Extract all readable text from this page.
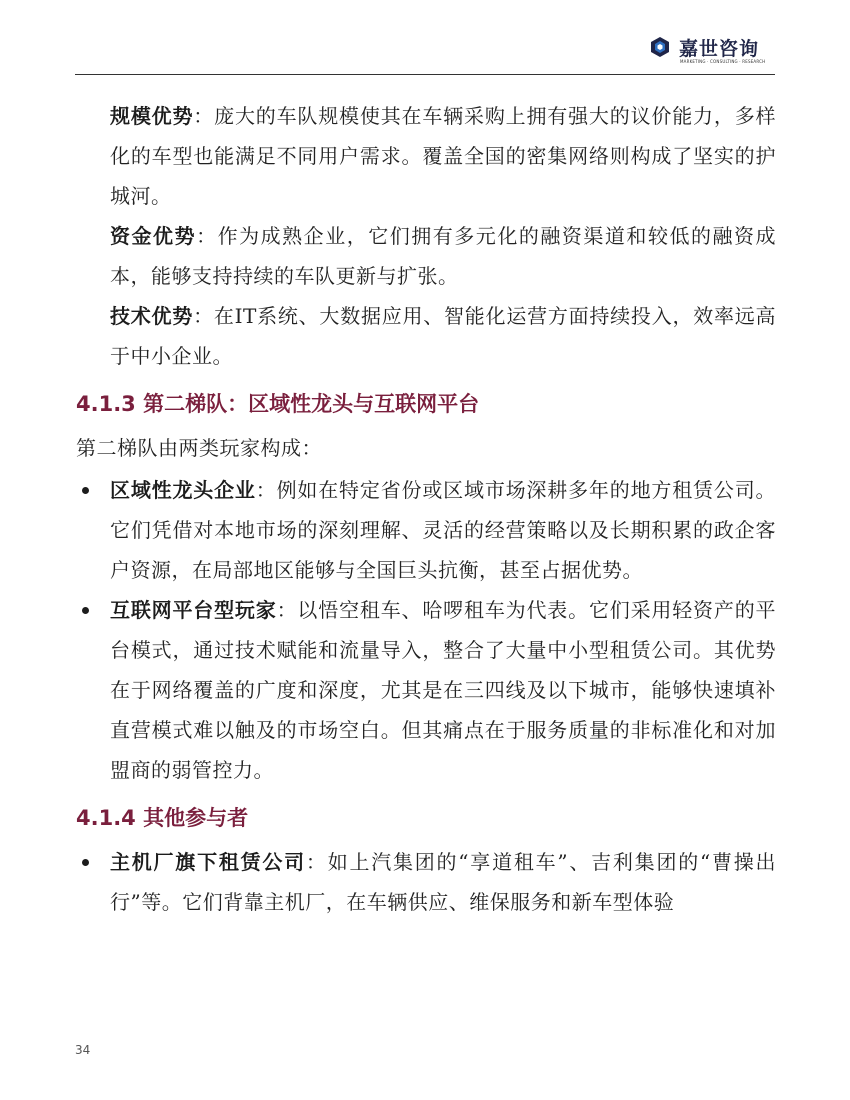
嘉世咨询
MARKETING · CONSULTING · RESEARCH

规模优势：庞大的车队规模使其在车辆采购上拥有强大的议价能力，多样化的车型也能满足不同用户需求。覆盖全国的密集网络则构成了坚实的护城河。

资金优势：作为成熟企业，它们拥有多元化的融资渠道和较低的融资成本，能够支持持续的车队更新与扩张。

技术优势：在IT系统、大数据应用、智能化运营方面持续投入，效率远高于中小企业。

4.1.3 第二梯队：区域性龙头与互联网平台

第二梯队由两类玩家构成：

区域性龙头企业：例如在特定省份或区域市场深耕多年的地方租赁公司。它们凭借对本地市场的深刻理解、灵活的经营策略以及长期积累的政企客户资源，在局部地区能够与全国巨头抗衡，甚至占据优势。
互联网平台型玩家：以悟空租车、哈啰租车为代表。它们采用轻资产的平台模式，通过技术赋能和流量导入，整合了大量中小型租赁公司。其优势在于网络覆盖的广度和深度，尤其是在三四线及以下城市，能够快速填补直营模式难以触及的市场空白。但其痛点在于服务质量的非标准化和对加盟商的弱管控力。
4.1.4 其他参与者
主机厂旗下租赁公司：如上汽集团的“享道租车”、吉利集团的“曹操出行”等。它们背靠主机厂，在车辆供应、维保服务和新车型体验
34
